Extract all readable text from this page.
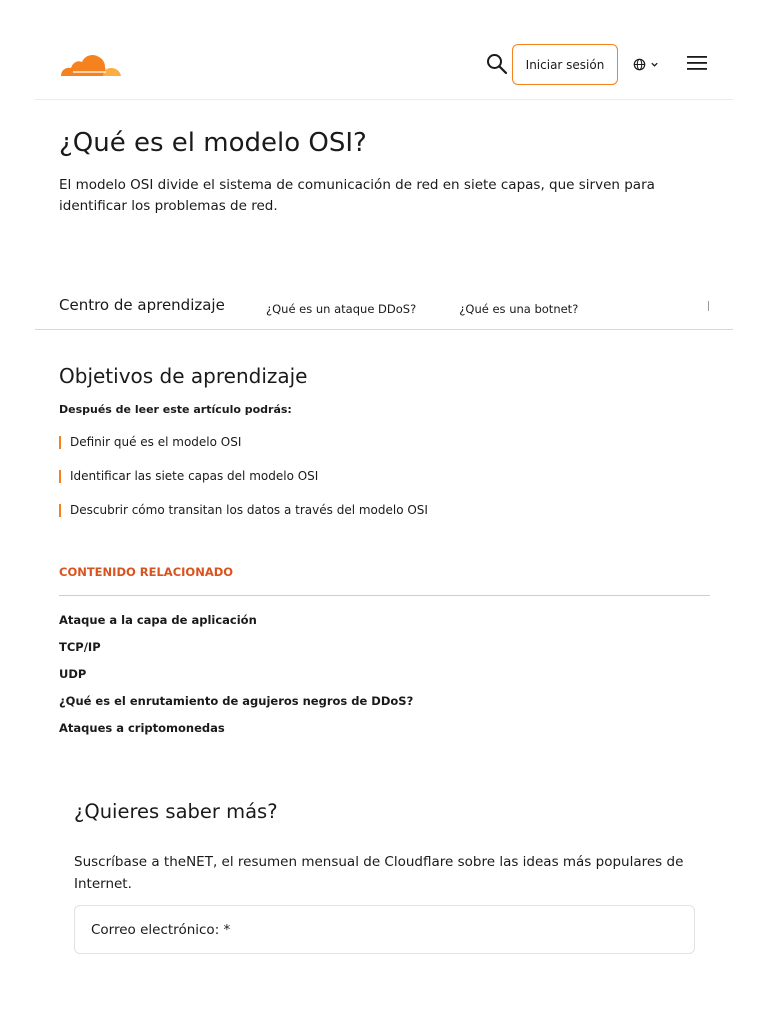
Iniciar sesión
¿Qué es el modelo OSI?

El modelo OSI divide el sistema de comunicación de red en siete capas, que sirven para identificar los problemas de red.

Centro de aprendizaje	¿Qué es un ataque DDoS?	¿Qué es una botnet?
Objetivos de aprendizaje

Después de leer este artículo podrás:

Definir qué es el modelo OSI
Identificar las siete capas del modelo OSI
Descubrir cómo transitan los datos a través del modelo OSI
CONTENIDO RELACIONADO
Ataque a la capa de aplicación
TCP/IP
UDP
¿Qué es el enrutamiento de agujeros negros de DDoS?
Ataques a criptomonedas
¿Quieres saber más?

Suscríbase a theNET, el resumen mensual de Cloudflare sobre las ideas más populares de Internet.

Correo electrónico: *
